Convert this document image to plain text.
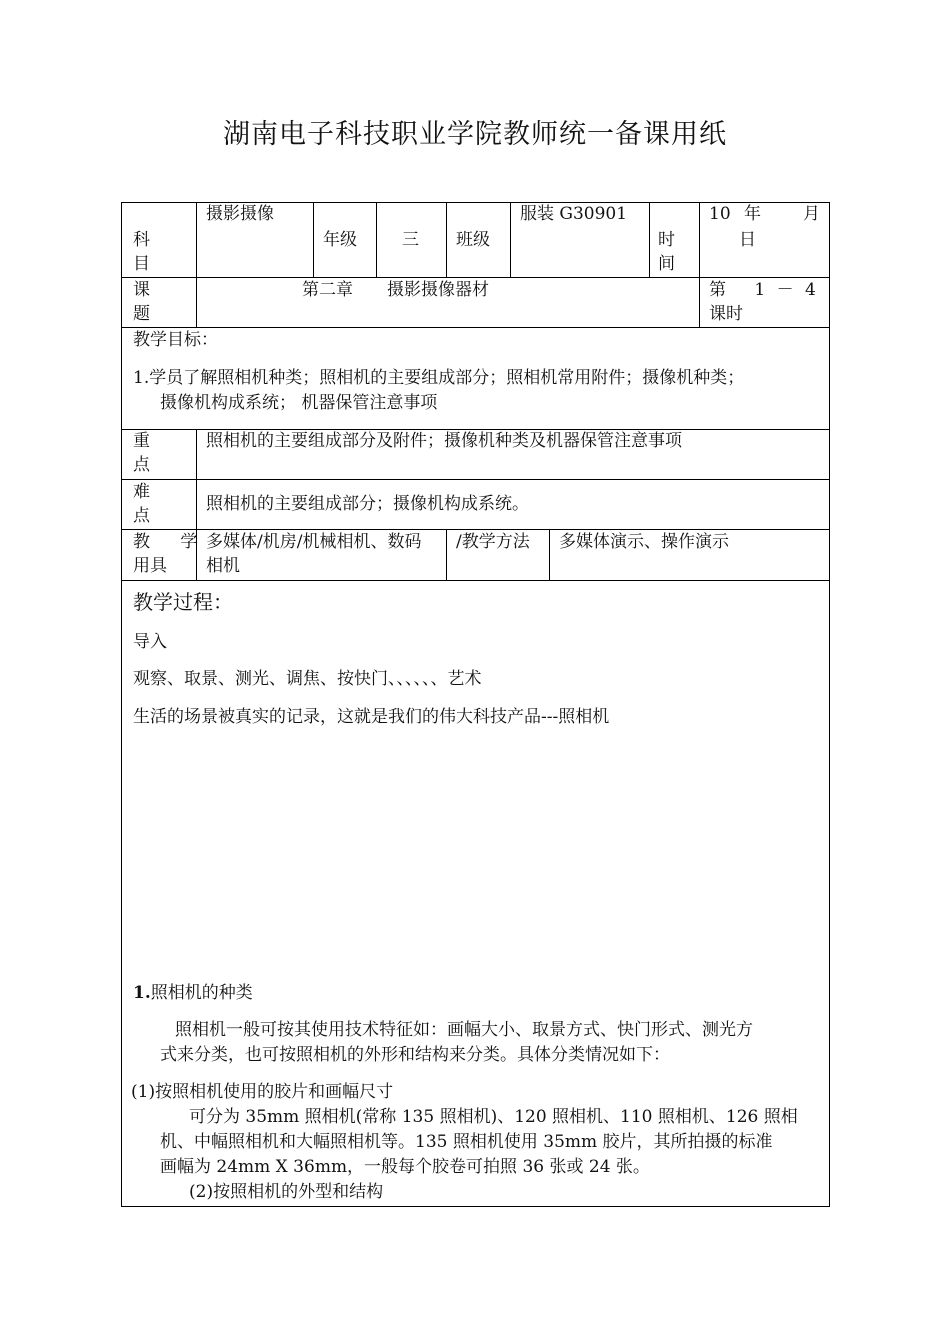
湖南电子科技职业学院教师统一备课用纸
科
目
摄影摄像
年级	三 班级
服装 G30901
时
间
10 年 月
日
课
题
第二章　　摄影摄像器材	第　 1 － 4
课时
教学目标：
1.学员了解照相机种类；照相机的主要组成部分；照相机常用附件；摄像机种类；
摄像机构成系统； 机器保管注意事项
重
点
照相机的主要组成部分及附件；摄像机种类及机器保管注意事项
难
点
照相机的主要组成部分；摄像机构成系统。
教　 学
用具
多媒体/机房/机械相机、数码
相机
/教学方法 多媒体演示、操作演示
教学过程：
导入
观察、取景、测光、调焦、按快门、、、、、、艺术
生活的场景被真实的记录，这就是我们的伟大科技产品---照相机
1.照相机的种类
照相机一般可按其使用技术特征如：画幅大小、取景方式、快门形式、测光方
式来分类，也可按照相机的外形和结构来分类。具体分类情况如下：
(1)按照相机使用的胶片和画幅尺寸
可分为 35mm 照相机(常称 135 照相机)、120 照相机、110 照相机、126 照相
机、中幅照相机和大幅照相机等。135 照相机使用 35mm 胶片，其所拍摄的标准
画幅为 24mm X 36mm，一般每个胶卷可拍照 36 张或 24 张。
(2)按照相机的外型和结构
